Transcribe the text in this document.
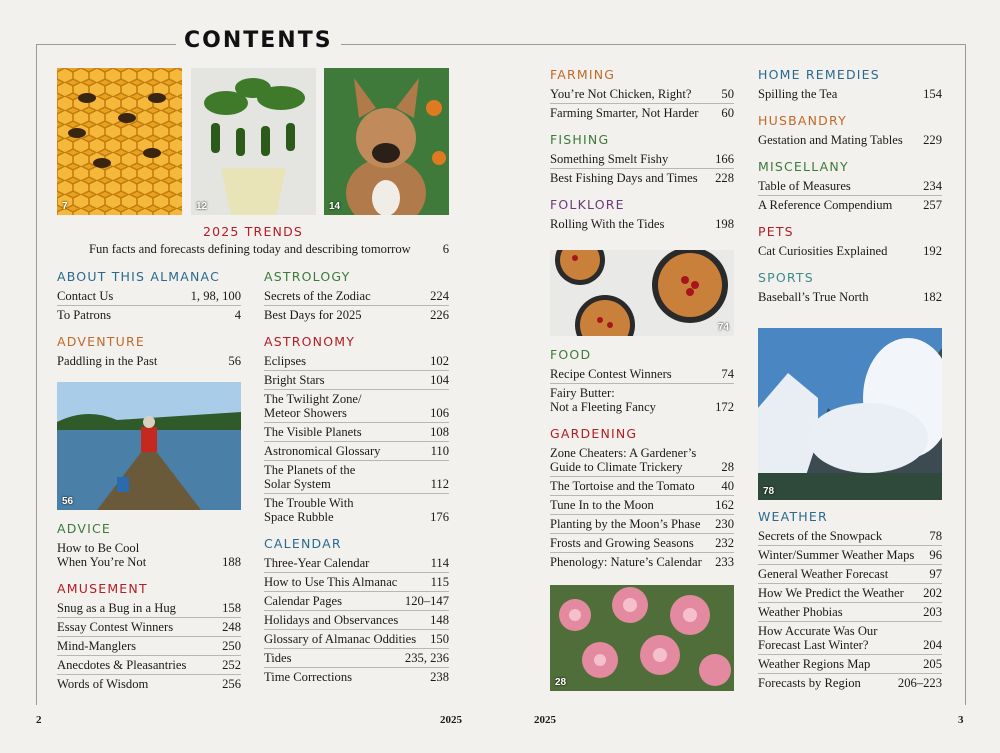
CONTENTS
7	12	14
56
74
28
78
2025 TRENDS
Fun facts and forecasts defining today and describing tomorrow	6
ABOUT THIS ALMANAC
Contact Us	1, 98, 100
To Patrons	4
ADVENTURE
Paddling in the Past	56
ADVICE
How to Be Cool
When You’re Not	188
AMUSEMENT
Snug as a Bug in a Hug	158
Essay Contest Winners	248
Mind-Manglers	250
Anecdotes & Pleasantries	252
Words of Wisdom	256
ASTROLOGY
Secrets of the Zodiac	224
Best Days for 2025	226
ASTRONOMY
Eclipses	102
Bright Stars	104
The Twilight Zone/
Meteor Showers	106
The Visible Planets	108
Astronomical Glossary	110
The Planets of the
Solar System	112
The Trouble With
Space Rubble	176
CALENDAR
Three-Year Calendar	114
How to Use This Almanac	115
Calendar Pages	120–147
Holidays and Observances	148
Glossary of Almanac Oddities	150
Tides	235, 236
Time Corrections	238
FARMING
You’re Not Chicken, Right?	50
Farming Smarter, Not Harder	60
FISHING
Something Smelt Fishy	166
Best Fishing Days and Times	228
FOLKLORE
Rolling With the Tides	198
FOOD
Recipe Contest Winners	74
Fairy Butter:
Not a Fleeting Fancy	172
GARDENING
Zone Cheaters: A Gardener’s
Guide to Climate Trickery	28
The Tortoise and the Tomato	40
Tune In to the Moon	162
Planting by the Moon’s Phase	230
Frosts and Growing Seasons	232
Phenology: Nature’s Calendar	233
HOME REMEDIES
Spilling the Tea	154
HUSBANDRY
Gestation and Mating Tables	229
MISCELLANY
Table of Measures	234
A Reference Compendium	257
PETS
Cat Curiosities Explained	192
SPORTS
Baseball’s True North	182
WEATHER
Secrets of the Snowpack	78
Winter/Summer Weather Maps	96
General Weather Forecast	97
How We Predict the Weather	202
Weather Phobias	203
How Accurate Was Our
Forecast Last Winter?	204
Weather Regions Map	205
Forecasts by Region	206–223
2	2025	2025	3
